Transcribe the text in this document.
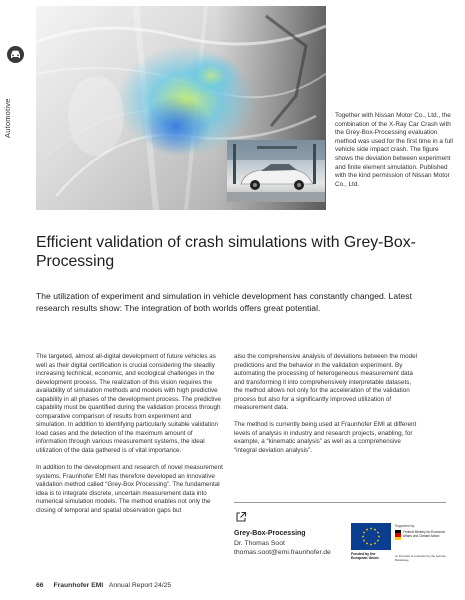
Automotive	Together with Nissan Motor Co., Ltd., the combination of the X-Ray Car Crash with the Grey-Box-Processing evaluation method was used for the first time in a full vehicle side impact crash. The figure shows the deviation between experiment and finite element simulation. Published with the kind permission of Nissan Motor Co., Ltd.

Efficient validation of crash simulations with Grey-Box-Processing

The utilization of experiment and simulation in vehicle development has constantly changed. Latest research results show: The integration of both worlds offers great potential.

The targeted, almost all-digital development of future vehicles as well as their digital certification is crucial considering the steadily increasing technical, economic, and ecological challenges in the development process. The realization of this vision requires the availability of simulation methods and models with high predictive capability in all phases of the development process. The predictive capability must be quantified during the validation process through comparative comparison of results from experiment and simulation. In addition to identifying particularly suitable validation load cases and the detection of the maximum amount of information through various measurement systems, the ideal utilization of the data gathered is of vital importance.

In addition to the development and research of novel measurement systems, Fraunhofer EMI has therefore developed an innovative validation method called “Grey-Box Processing”. The fundamental idea is to integrate discrete, uncertain measurement data into numerical simulation models. The method enables not only the closing of temporal and spatial observation gaps but

also the comprehensive analysis of deviations between the model predictions and the behavior in the validation experiment. By automating the processing of heterogeneous measurement data and transforming it into comprehensively interpretable datasets, the method allows not only for the acceleration of the validation process but also for a significantly improved utilization of measurement data.

The method is currently being used at Fraunhofer EMI at different levels of analysis in industry and research projects, enabling, for example, a “kinematic analysis” as well as a comprehensive “integral deviation analysis”.

Grey-Box-Processing
Dr. Thomas Soot
thomas.soot@emi.fraunhofer.de	Funded by the European Union
Supported by:
Federal Ministry for Economic Affairs and Climate Action
on the basis of a decision by the German Bundestag
66 Fraunhofer EMI Annual Report 24/25
